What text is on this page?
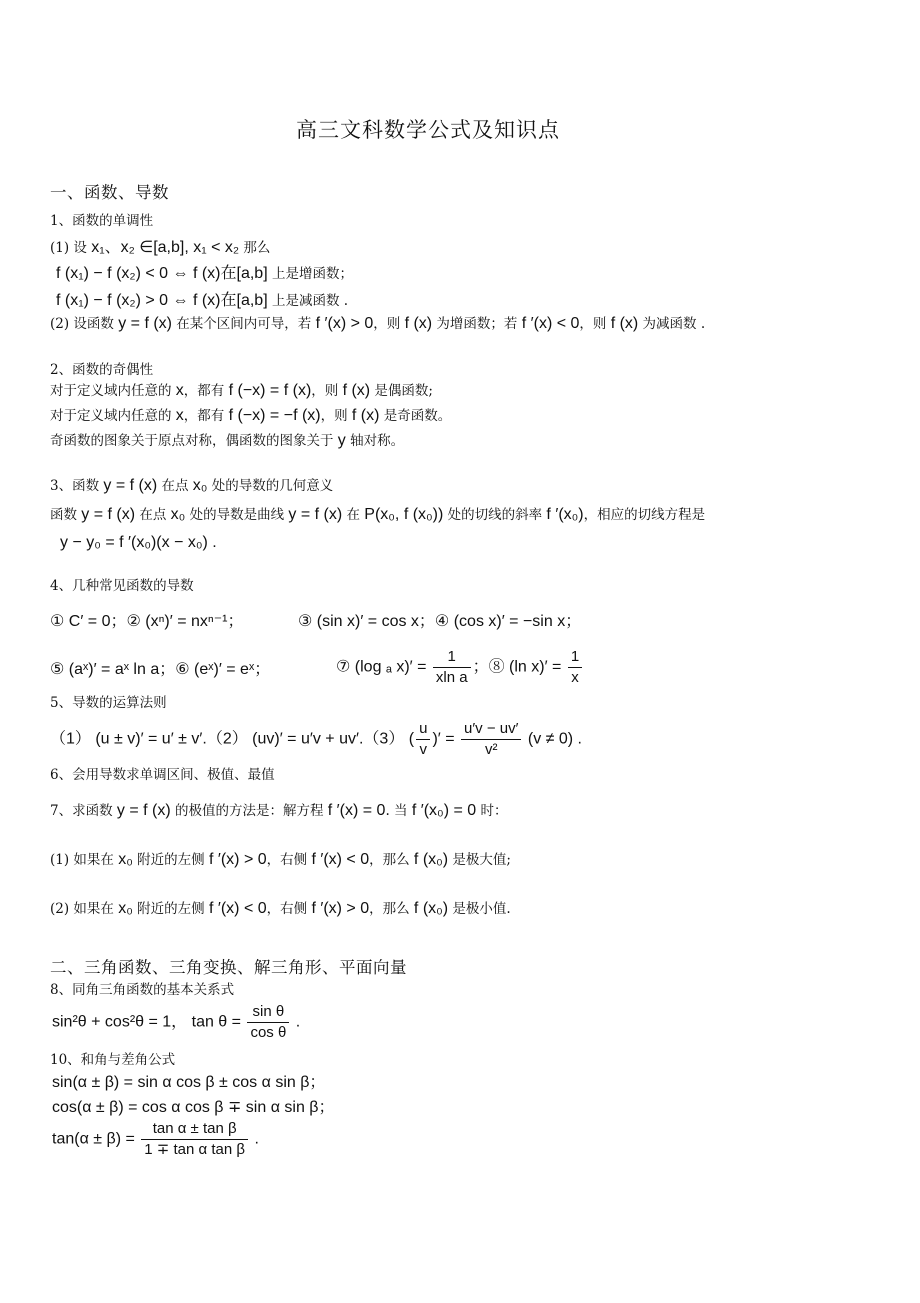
高三文科数学公式及知识点
一、函数、导数
1、函数的单调性
(1) 设 x₁、x₂ ∈[a,b], x₁ < x₂ 那么
f (x₁) − f (x₂) < 0 ⇔ f (x)在[a,b] 上是增函数；
f (x₁) − f (x₂) > 0 ⇔ f (x)在[a,b] 上是减函数 .
(2) 设函数 y = f (x) 在某个区间内可导，若 f ′(x) > 0，则 f (x) 为增函数；若 f ′(x) < 0，则 f (x) 为减函数 .
2、函数的奇偶性
对于定义域内任意的 x，都有 f (−x) = f (x)，则 f (x) 是偶函数;
对于定义域内任意的 x，都有 f (−x) = −f (x)，则 f (x) 是奇函数。
奇函数的图象关于原点对称，偶函数的图象关于 y 轴对称。
3、函数 y = f (x) 在点 x₀ 处的导数的几何意义
函数 y = f (x) 在点 x₀ 处的导数是曲线 y = f (x) 在 P(x₀, f (x₀)) 处的切线的斜率 f ′(x₀)，相应的切线方程是
y − y₀ = f ′(x₀)(x − x₀) .
4、几种常见函数的导数
① C′ = 0；② (xⁿ)′ = nxⁿ⁻¹；	③ (sin x)′ = cos x；④ (cos x)′ = −sin x；
⑤ (aˣ)′ = aˣ ln a；⑥ (eˣ)′ = eˣ；	⑦ (log ₐ $x)' = \frac{1}{\text{xln a}}$ ；⑧ (ln $x)' = \frac{1}{x}$
5、导数的运算法则
（1） (u ± v)′ = u′ ± v′.（2） (uv)′ = u′v + uv′.（3） ( $\frac{u}{v}$ )′ = $\frac{u'v - uv'}{\text{v²}} (v \ne 0)$ .
6、会用导数求单调区间、极值、最值
7、求函数 y = f (x) 的极值的方法是：解方程 f ′(x) = 0. 当 f ′(x₀) = 0 时：
(1) 如果在 x₀ 附近的左侧 f ′(x) > 0，右侧 f ′(x) < 0，那么 f (x₀) 是极大值;
(2) 如果在 x₀ 附近的左侧 f ′(x) < 0，右侧 f ′(x) > 0，那么 f (x₀) 是极小值.
二、三角函数、三角变换、解三角形、平面向量
8、同角三角函数的基本关系式
sin²θ + cos²θ = 1， $\tan \theta = \frac{\text{sin θ}}{\text{cos θ}}$ .
10、和角与差角公式
sin(α ± β) = sin α cos β ± cos α sin β；
cos(α ± β) = cos α cos β ∓ sin α sin β；
$\tan(\alpha \pm \beta) = \frac{\text{tan α ± tan β}}{\text{1 ∓ tan α tan β}}$ .
